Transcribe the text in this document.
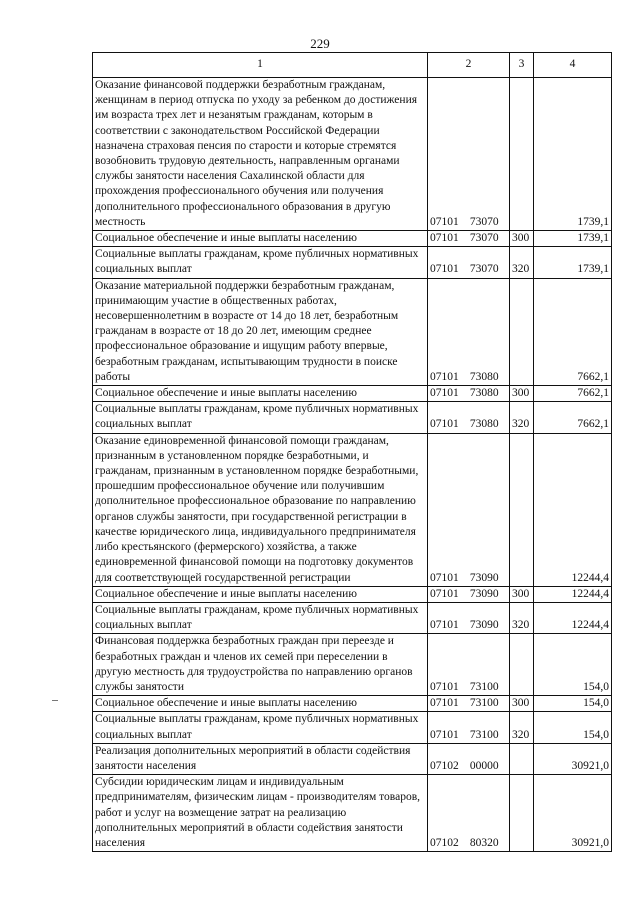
229
1	2	3	4
Оказание финансовой поддержки безработным гражданам, женщинам в период отпуска по уходу за ребенком до достижения им возраста трех лет и незанятым гражданам, которым в соответствии с законодательством Российской Федерации назначена страховая пенсия по старости и которые стремятся возобновить трудовую деятельность, направленным органами службы занятости населения Сахалинской области для прохождения профессионального обучения или получения дополнительного профессионального образования в другую местность	07101 73070		1739,1
Социальное обеспечение и иные выплаты населению	07101 73070	300	1739,1
Социальные выплаты гражданам, кроме публичных нормативных социальных выплат	07101 73070	320	1739,1
Оказание материальной поддержки безработным гражданам, принимающим участие в общественных работах, несовершеннолетним в возрасте от 14 до 18 лет, безработным гражданам в возрасте от 18 до 20 лет, имеющим среднее профессиональное образование и ищущим работу впервые, безработным гражданам, испытывающим трудности в поиске работы	07101 73080		7662,1
Социальное обеспечение и иные выплаты населению	07101 73080	300	7662,1
Социальные выплаты гражданам, кроме публичных нормативных социальных выплат	07101 73080	320	7662,1
Оказание единовременной финансовой помощи гражданам, признанным в установленном порядке безработными, и гражданам, признанным в установленном порядке безработными, прошедшим профессиональное обучение или получившим дополнительное профессиональное образование по направлению органов службы занятости, при государственной регистрации в качестве юридического лица, индивидуального предпринимателя либо крестьянского (фермерского) хозяйства, а также единовременной финансовой помощи на подготовку документов для соответствующей государственной регистрации	07101 73090		12244,4
Социальное обеспечение и иные выплаты населению	07101 73090	300	12244,4
Социальные выплаты гражданам, кроме публичных нормативных социальных выплат	07101 73090	320	12244,4
Финансовая поддержка безработных граждан при переезде и безработных граждан и членов их семей при переселении в другую местность для трудоустройства по направлению органов службы занятости	07101 73100		154,0
Социальное обеспечение и иные выплаты населению	07101 73100	300	154,0
Социальные выплаты гражданам, кроме публичных нормативных социальных выплат	07101 73100	320	154,0
Реализация дополнительных мероприятий в области содействия занятости населения	07102 00000		30921,0
Субсидии юридическим лицам и индивидуальным предпринимателям, физическим лицам - производителям товаров, работ и услуг на возмещение затрат на реализацию дополнительных мероприятий в области содействия занятости населения	07102 80320		30921,0
